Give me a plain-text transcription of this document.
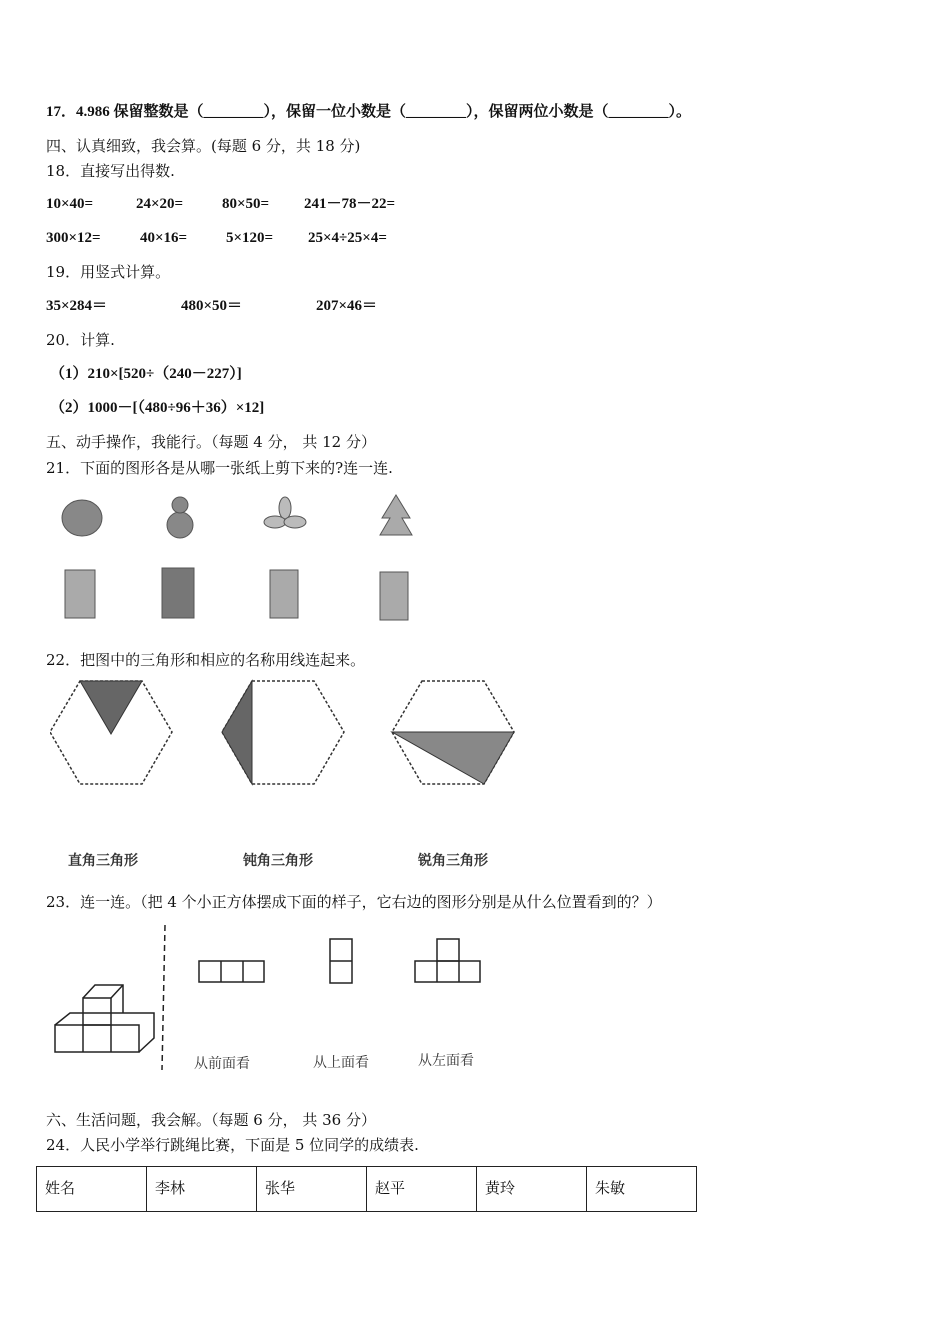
17．4.986 保留整数是（________），保留一位小数是（________），保留两位小数是（________）。
四、认真细致，我会算。(每题 6 分，共 18 分)
18．直接写出得数.
10×40=	24×20=	80×50= 241－78－22=
300×12=	40×16=	5×120= 25×4÷25×4=
19．用竖式计算。
35×284＝	480×50＝	207×46＝
20．计算.
（1）210×[520÷（240－227）]
（2）1000－[（480÷96＋36）×12]
五、动手操作，我能行。（每题 4 分， 共 12 分）
21．下面的图形各是从哪一张纸上剪下来的?连一连.
22．把图中的三角形和相应的名称用线连起来。
直角三角形	钝角三角形	锐角三角形
23．连一连。（把 4 个小正方体摆成下面的样子，它右边的图形分别是从什么位置看到的？）
从前面看	从上面看	从左面看
六、生活问题，我会解。（每题 6 分， 共 36 分）
24．人民小学举行跳绳比赛，下面是 5 位同学的成绩表.
姓名	李林	张华	赵平	黄玲	朱敏
